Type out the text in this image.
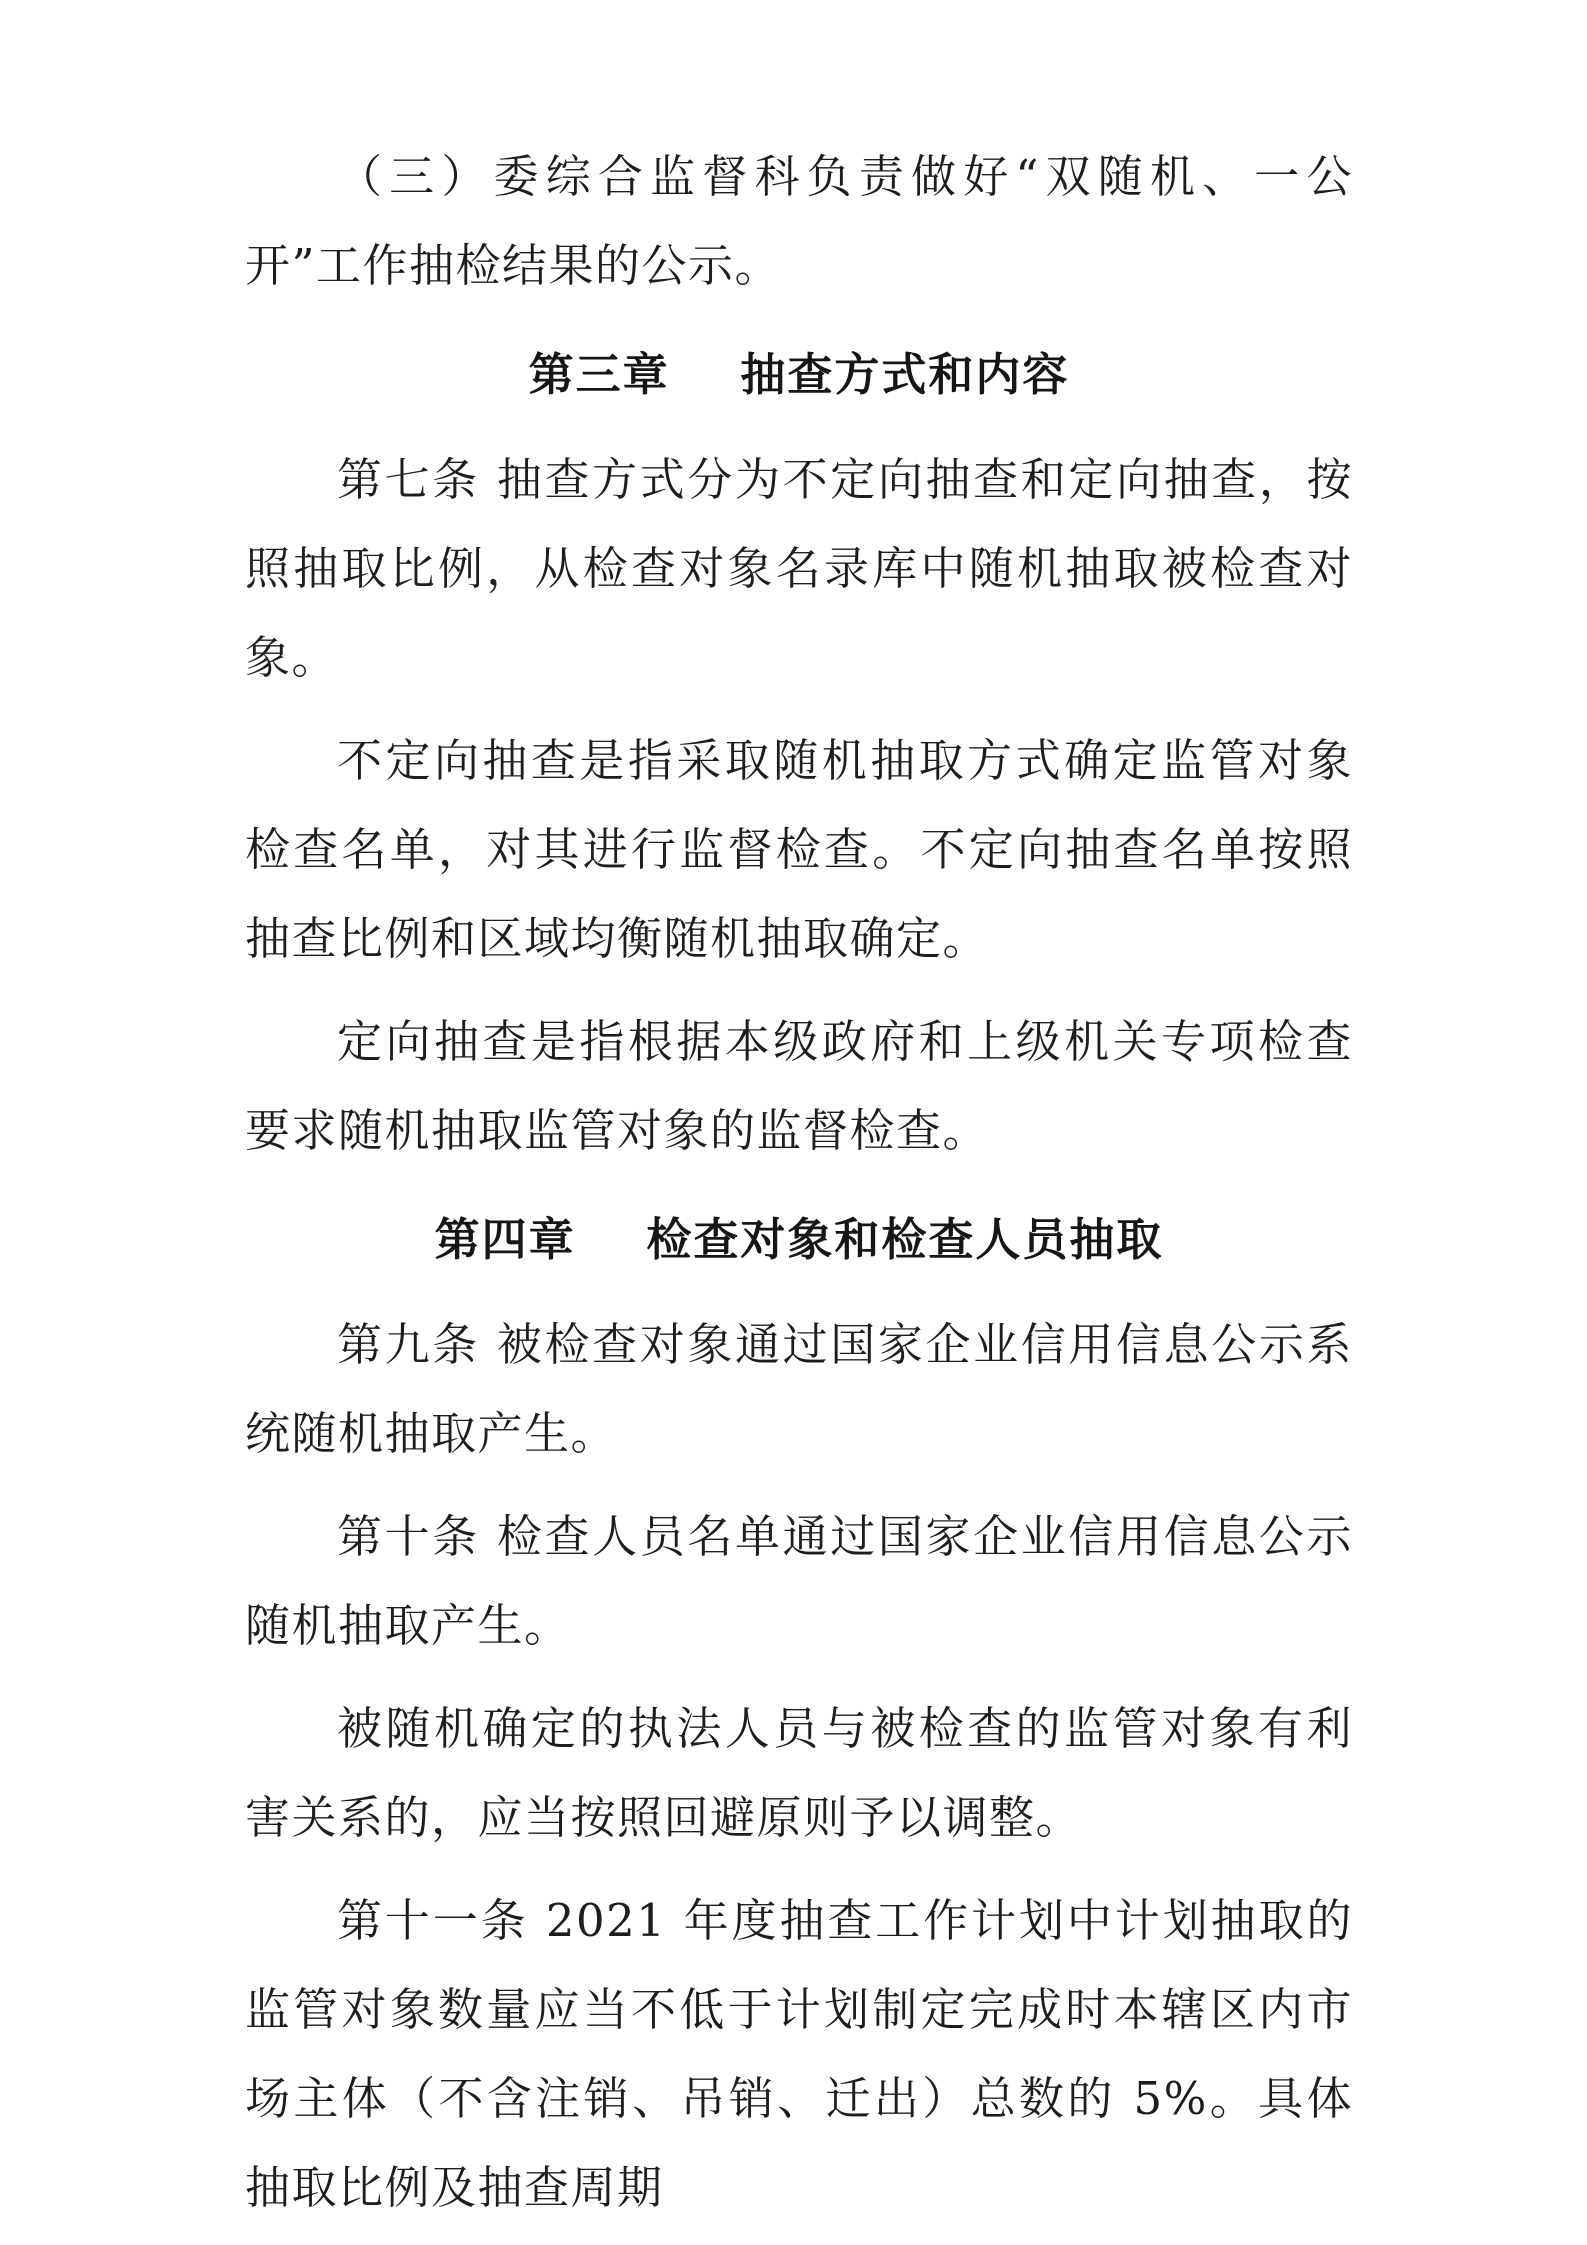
（三）委综合监督科负责做好“双随机、一公开”工作抽检结果的公示。

第三章    抽查方式和内容

第七条 抽查方式分为不定向抽查和定向抽查，按照抽取比例，从检查对象名录库中随机抽取被检查对象。

不定向抽查是指采取随机抽取方式确定监管对象检查名单，对其进行监督检查。不定向抽查名单按照抽查比例和区域均衡随机抽取确定。

定向抽查是指根据本级政府和上级机关专项检查要求随机抽取监管对象的监督检查。

第四章    检查对象和检查人员抽取

第九条 被检查对象通过国家企业信用信息公示系统随机抽取产生。

第十条 检查人员名单通过国家企业信用信息公示随机抽取产生。

被随机确定的执法人员与被检查的监管对象有利害关系的，应当按照回避原则予以调整。

第十一条 2021 年度抽查工作计划中计划抽取的监管对象数量应当不低于计划制定完成时本辖区内市场主体（不含注销、吊销、迁出）总数的 5%。具体抽取比例及抽查周期
